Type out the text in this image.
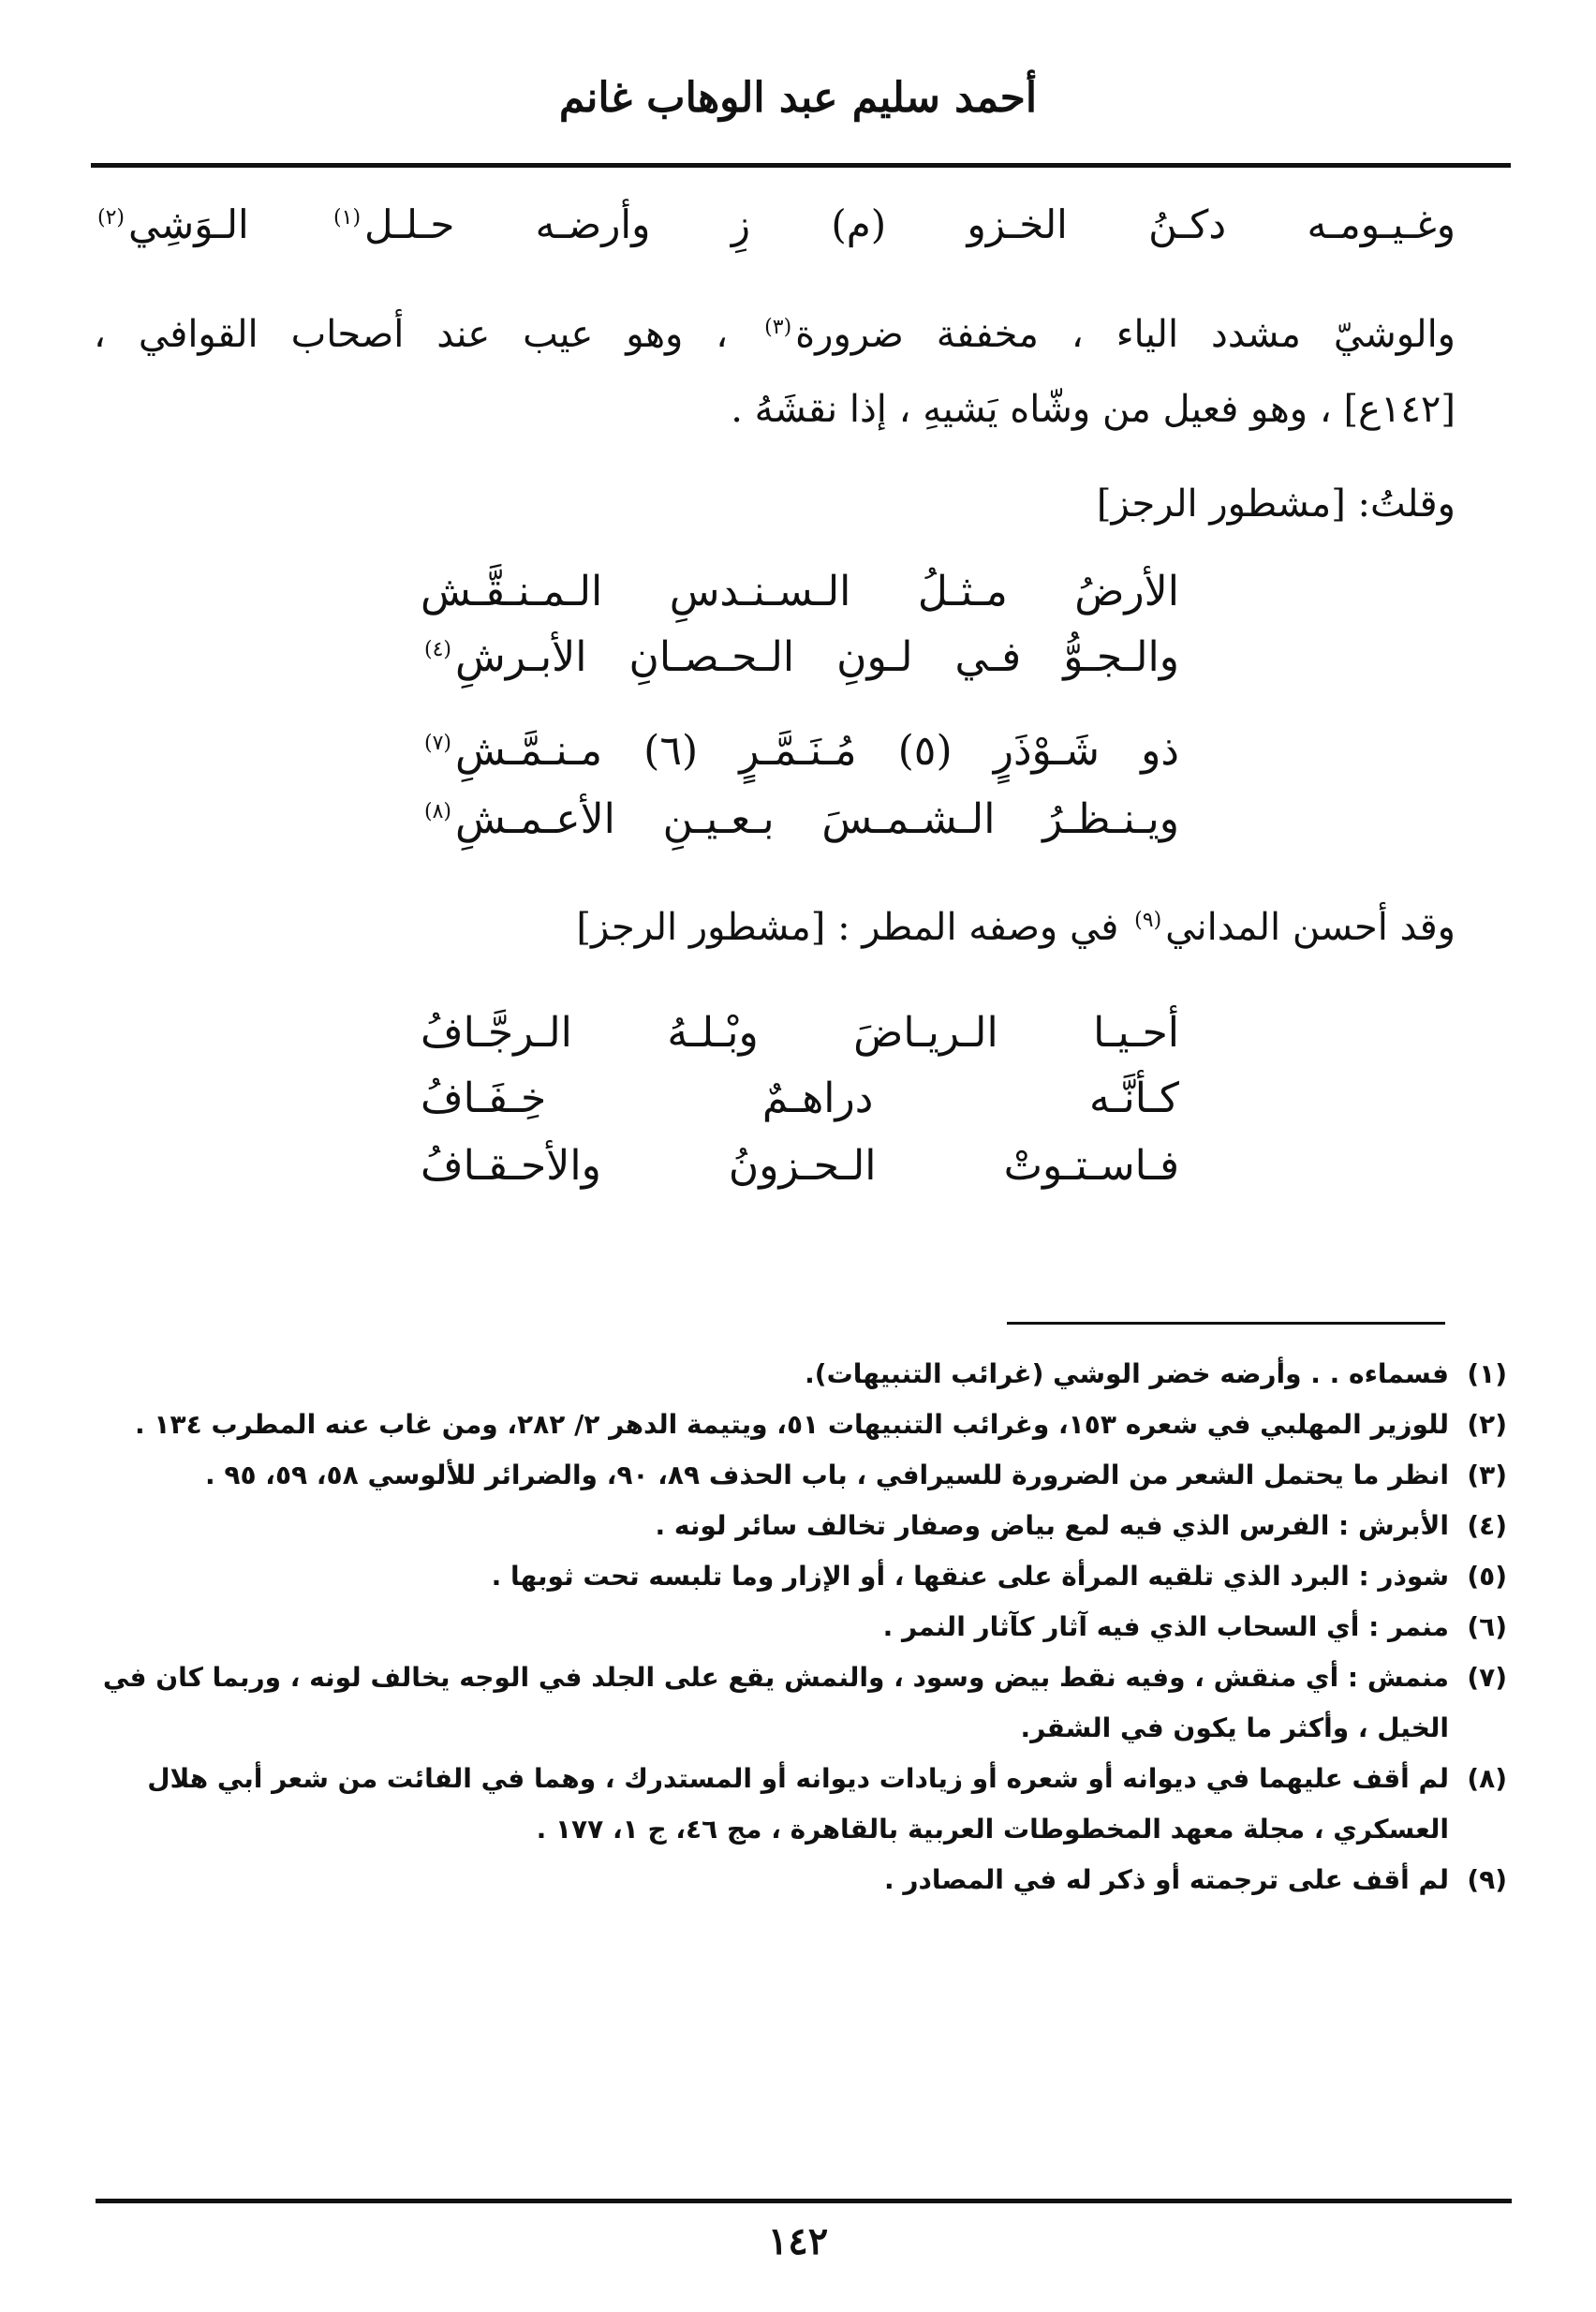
أحمد سليم عبد الوهاب غانم
وغـيـومـه دكـنُ الخـزو (م) زِ وأرضـه حـلـل$^{(١)}$ الـوَشِي$^{(٢)}$
والوشيّ مشدد الياء ، مخففة ضرورة$^{(٣)}$ ، وهو عيب عند أصحاب القوافي ،
[١٤٢ع] ، وهو فعيل من وشّاه يَشيهِ ، إذا نقشَهُ .
وقلتُ: [مشطور الرجز]
الأرضُ مـثـلُ الـسـنـدسِ الـمـنـقَّـش
والـجـوُّ فـي لـونِ الـحـصـانِ الأبـرشِ$^{(٤)}$
ذو شَـوْذَرٍ (٥) مُـنَـمَّـرٍ (٦) مـنـمَّـشِ$^{(٧)}$
ويـنـظـرُ الـشـمـسَ بـعـيـنِ الأعـمـشِ$^{(٨)}$
وقد أحسن المداني$^{(٩)}$ في وصفه المطر : [مشطور الرجز]
أحـيـا الـريـاضَ وبْـلـهُ الـرجَّـافُ
كـأنَّـه دراهـمٌ خِـفَـافُ
فـاسـتـوتْ الـحـزونُ والأحـقـافُ
(١)
فسماءه . . وأرضه خضر الوشي (غرائب التنبيهات).
(٢)
للوزير المهلبي في شعره ١٥٣، وغرائب التنبيهات ٥١، ويتيمة الدهر ٢/ ٢٨٢، ومن غاب عنه المطرب ١٣٤ .
(٣)
انظر ما يحتمل الشعر من الضرورة للسيرافي ، باب الحذف ٨٩، ٩٠، والضرائر للألوسي ٥٨، ٥٩، ٩٥ .
(٤)
الأبرش : الفرس الذي فيه لمع بياض وصفار تخالف سائر لونه .
(٥)
شوذر : البرد الذي تلقيه المرأة على عنقها ، أو الإزار وما تلبسه تحت ثوبها .
(٦)
منمر : أي السحاب الذي فيه آثار كآثار النمر .
(٧)
منمش : أي منقش ، وفيه نقط بيض وسود ، والنمش يقع على الجلد في الوجه يخالف لونه ، وربما كان في الخيل ، وأكثر ما يكون في الشقر.
(٨)
لم أقف عليهما في ديوانه أو شعره أو زيادات ديوانه أو المستدرك ، وهما في الفائت من شعر أبي هلال العسكري ، مجلة معهد المخطوطات العربية بالقاهرة ، مج ٤٦، ج ١، ١٧٧ .
(٩)
لم أقف على ترجمته أو ذكر له في المصادر .
١٤٢
